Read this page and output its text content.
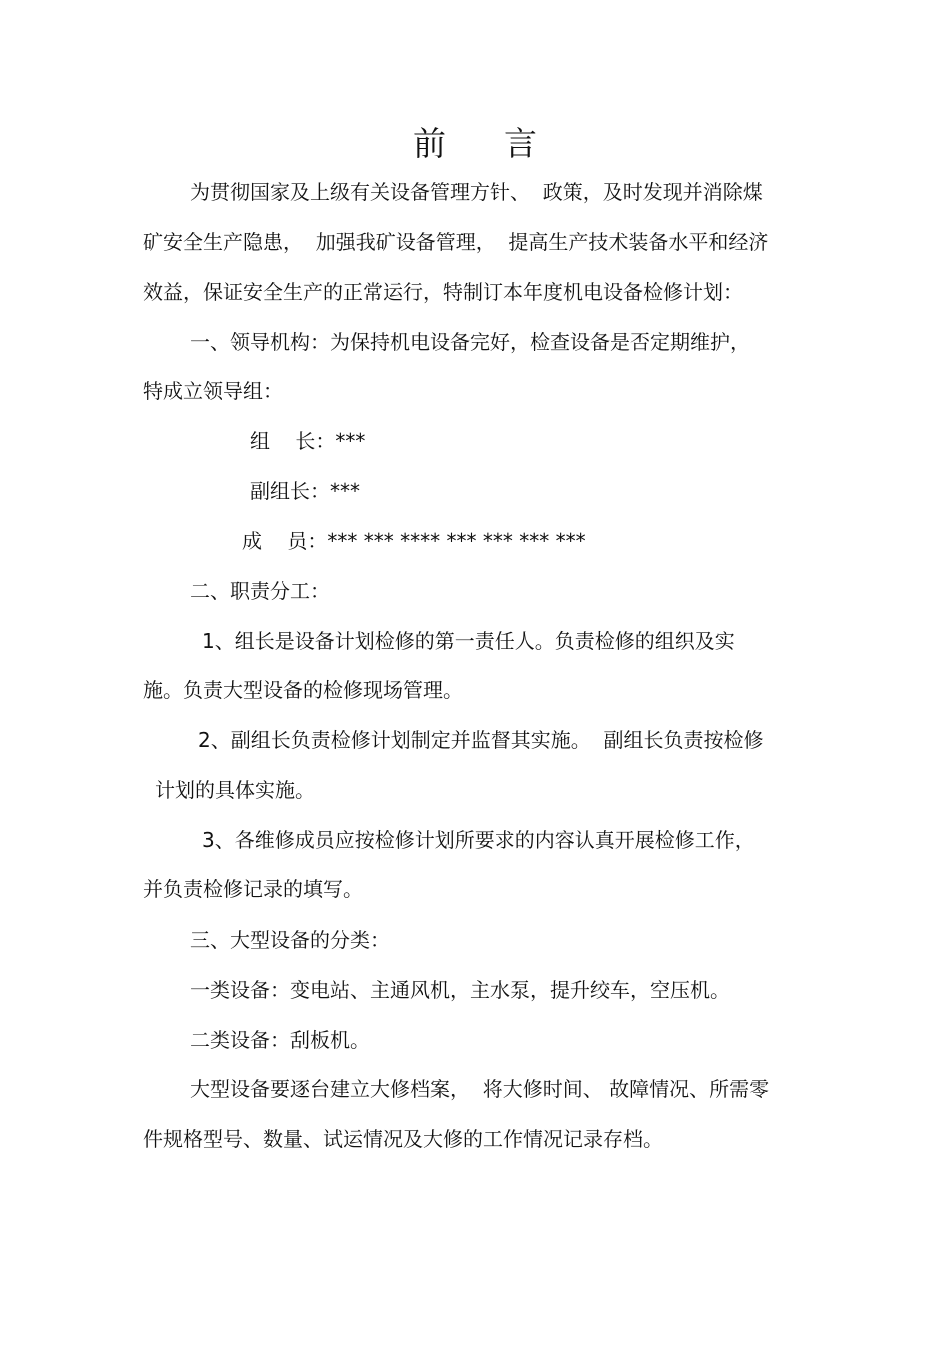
前言
为贯彻国家及上级有关设备管理方针、  政策，及时发现并消除煤
矿安全生产隐患，  加强我矿设备管理，  提高生产技术装备水平和经济
效益，保证安全生产的正常运行，特制订本年度机电设备检修计划：
一、领导机构：为保持机电设备完好，检查设备是否定期维护，
特成立领导组：
组    长：***
副组长：***
成    员：*** *** **** *** *** *** ***
二、职责分工：
1、组长是设备计划检修的第一责任人。负责检修的组织及实
施。负责大型设备的检修现场管理。
2、副组长负责检修计划制定并监督其实施。  副组长负责按检修
计划的具体实施。
3、各维修成员应按检修计划所要求的内容认真开展检修工作，
并负责检修记录的填写。
三、大型设备的分类：
一类设备：变电站、主通风机，主水泵，提升绞车，空压机。
二类设备：刮板机。
大型设备要逐台建立大修档案，  将大修时间、 故障情况、所需零
件规格型号、数量、试运情况及大修的工作情况记录存档。
